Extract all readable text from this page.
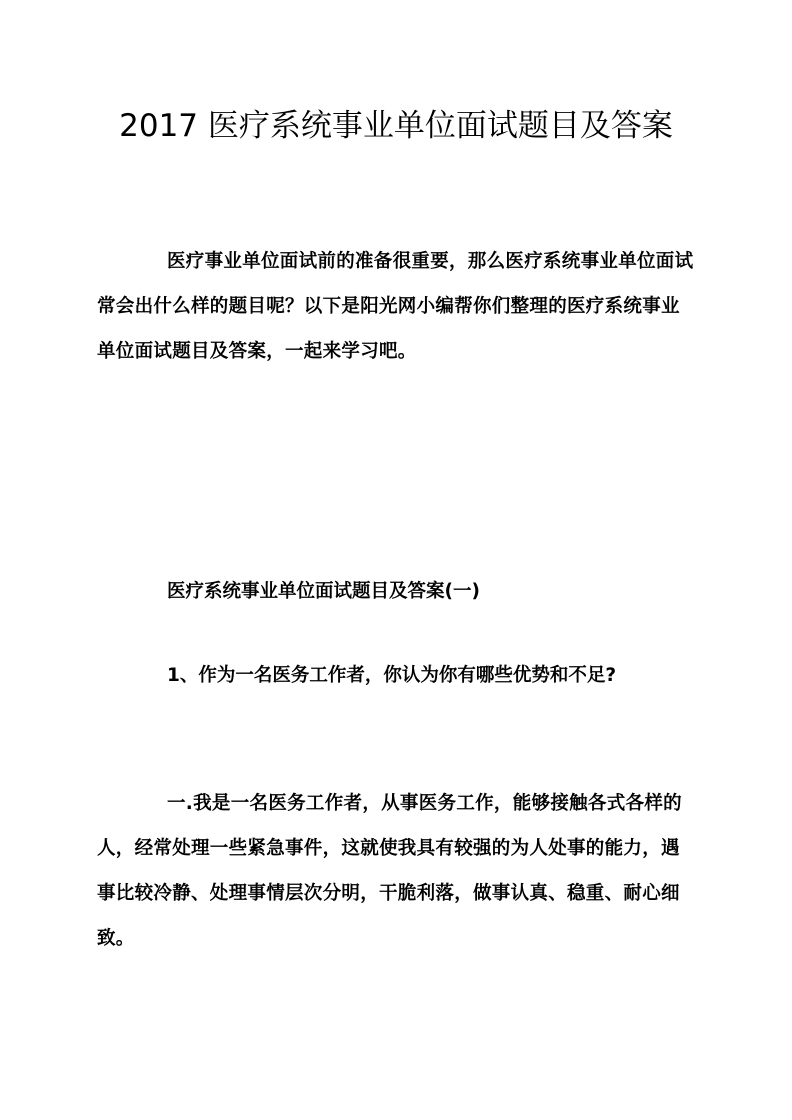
2017 医疗系统事业单位面试题目及答案

医疗事业单位面试前的准备很重要，那么医疗系统事业单位面试常会出什么样的题目呢？以下是阳光网小编帮你们整理的医疗系统事业单位面试题目及答案，一起来学习吧。

医疗系统事业单位面试题目及答案(一)

1、作为一名医务工作者，你认为你有哪些优势和不足?

一.我是一名医务工作者，从事医务工作，能够接触各式各样的人，经常处理一些紧急事件，这就使我具有较强的为人处事的能力，遇事比较冷静、处理事情层次分明，干脆利落，做事认真、稳重、耐心细致。
